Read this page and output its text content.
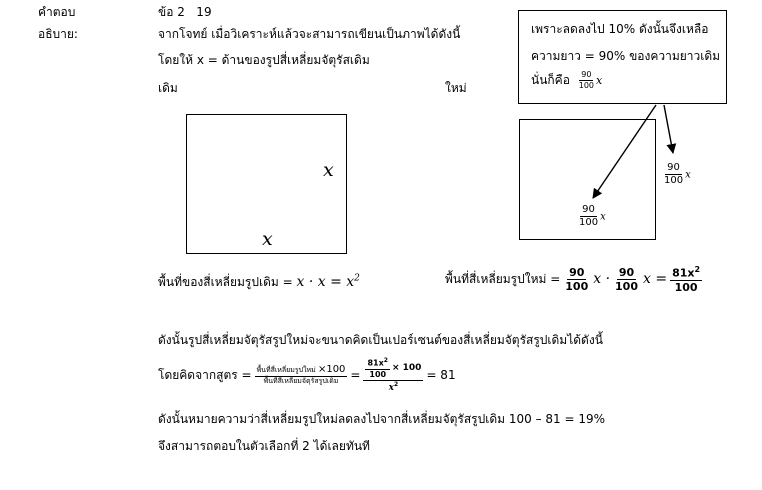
คำตอบ	ข้อ 2   19
อธิบาย:	จากโจทย์ เมื่อวิเคราะห์แล้วจะสามารถเขียนเป็นภาพได้ดังนี้
โดยให้ x = ด้านของรูปสี่เหลี่ยมจัตุรัสเดิม
เดิม	ใหม่
เพราะลดลงไป 10% ดังนั้นจึงเหลือ
ความยาว = 90% ของความยาวเดิม
นั่นก็คือ $\frac{90}{100}$ x
x
x
$\frac{90}{100}$ x
$\frac{90}{100}$ x
พื้นที่ของสี่เหลี่ยมรูปเดิม = $x \cdot x = x^2$	พื้นที่สี่เหลี่ยมรูปใหม่ = $\frac{90}{100}$ $x \cdot \frac{90}{100}$ $x = \frac{81x^2}{100}$
ดังนั้นรูปสี่เหลี่ยมจัตุรัสรูปใหม่จะขนาดคิดเป็นเปอร์เซนต์ของสี่เหลี่ยมจัตุรัสรูปเดิมได้ดังนี้
โดยคิดจากสูตร = $\frac{\text{พื้นที่สี่เหลี่ยมรูปใหม่ ×100}}{\text{พื้นที่สี่เหลี่ยมจัตุรัสรูปเดิม}} = \frac{\frac{81x^2}{100} \times 100}{x^2} = 81$
ดังนั้นหมายความว่าสี่เหลี่ยมรูปใหม่ลดลงไปจากสี่เหลี่ยมจัตุรัสรูปเดิม 100 – 81 = 19%
จึงสามารถตอบในตัวเลือกที่ 2 ได้เลยทันที
